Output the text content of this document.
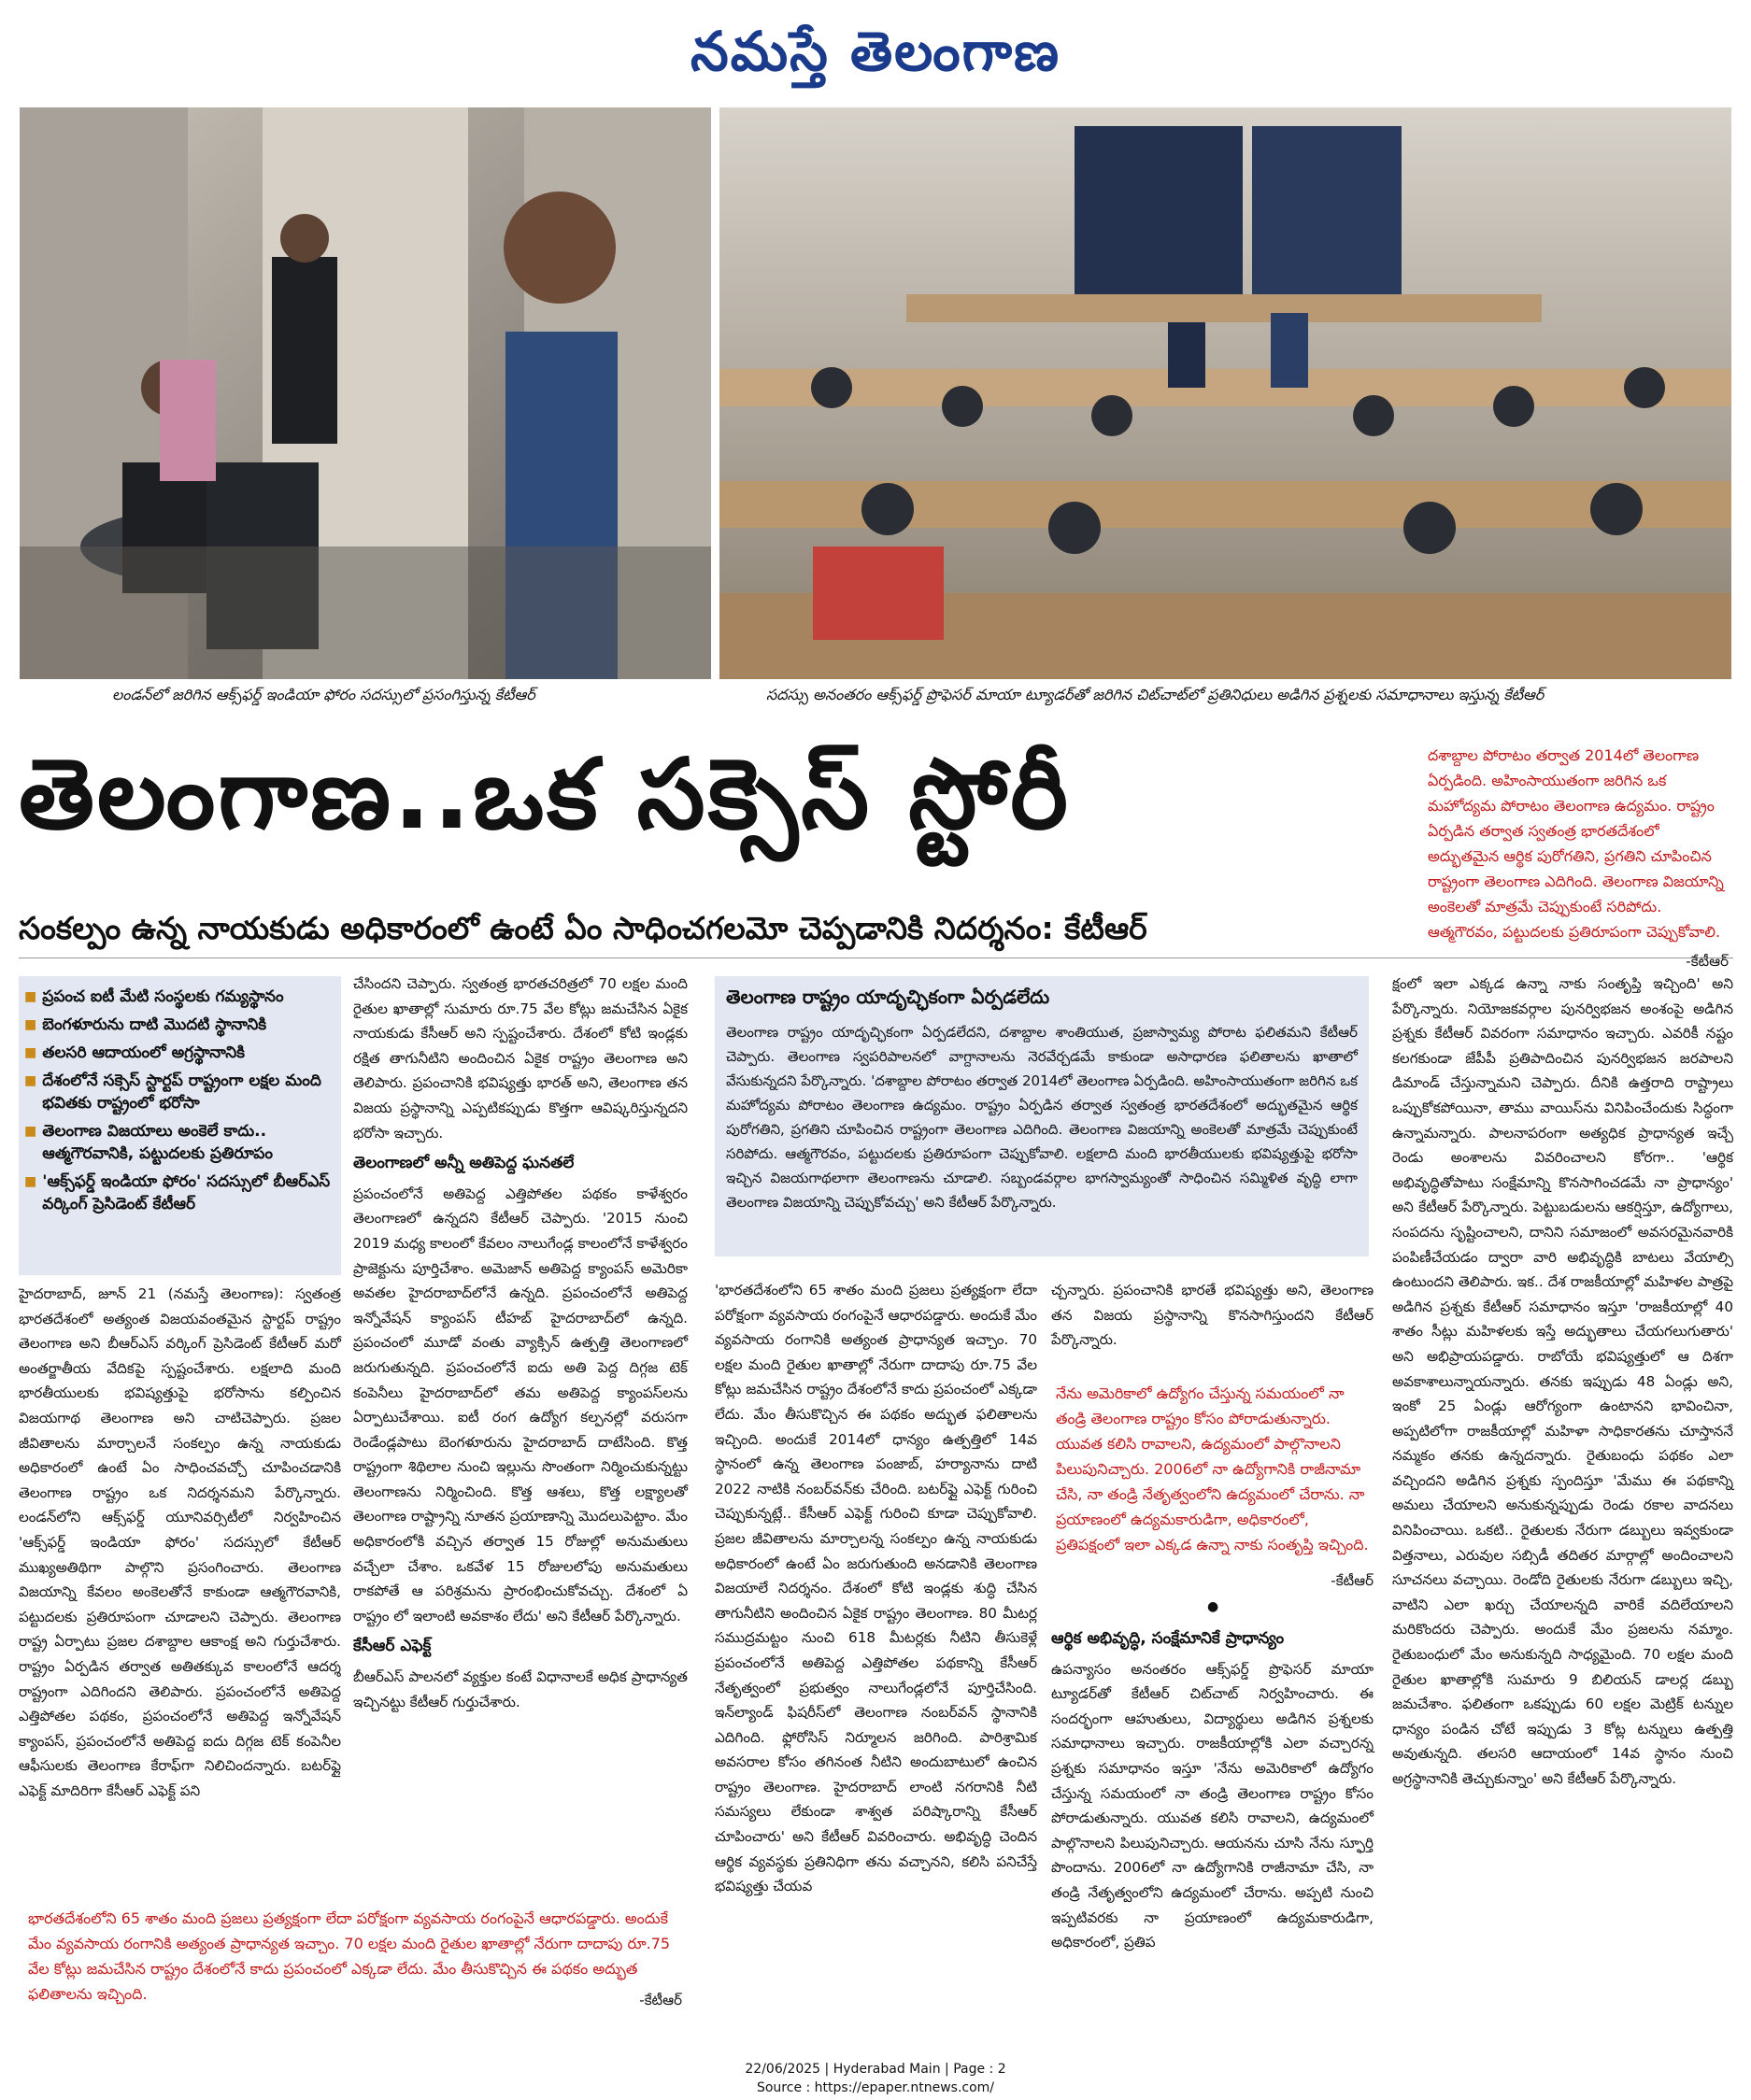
నమస్తే తెలంగాణ
లండన్‌లో జరిగిన ఆక్స్‌ఫర్డ్ ఇండియా ఫోరం సదస్సులో ప్రసంగిస్తున్న కేటీఆర్	సదస్సు అనంతరం ఆక్స్‌ఫర్డ్ ప్రొఫెసర్ మాయా ట్యూడర్‌తో జరిగిన చిట్‌చాట్‌లో ప్రతినిధులు అడిగిన ప్రశ్నలకు సమాధానాలు ఇస్తున్న కేటీఆర్
తెలంగాణ..ఒక సక్సెస్ స్టోరీ	దశాబ్దాల పోరాటం తర్వాత 2014లో తెలంగాణ ఏర్పడింది. అహింసాయుతంగా జరిగిన ఒక మహోద్యమ పోరాటం తెలంగాణ ఉద్యమం. రాష్ట్రం ఏర్పడిన తర్వాత స్వతంత్ర భారతదేశంలో అద్భుతమైన ఆర్థిక పురోగతిని, ప్రగతిని చూపించిన రాష్ట్రంగా తెలంగాణ ఎదిగింది. తెలంగాణ విజయాన్ని అంకెలతో మాత్రమే చెప్పుకుంటే సరిపోదు. ఆత్మగౌరవం, పట్టుదలకు ప్రతిరూపంగా చెప్పుకోవాలి.
-కేటీఆర్
సంకల్పం ఉన్న నాయకుడు అధికారంలో ఉంటే ఏం సాధించగలమో చెప్పడానికి నిదర్శనం: కేటీఆర్
■ ప్రపంచ ఐటీ మేటి సంస్థలకు గమ్యస్థానం
■ బెంగళూరును దాటి మొదటి స్థానానికి
■ తలసరి ఆదాయంలో అగ్రస్థానానికి
■ దేశంలోనే సక్సెస్ స్టార్టప్ రాష్ట్రంగా లక్షల మంది భవితకు రాష్ట్రంలో భరోసా
■ తెలంగాణ విజయాలు అంకెలే కాదు.. ఆత్మగౌరవానికి, పట్టుదలకు ప్రతిరూపం
■ 'ఆక్స్‌ఫర్డ్ ఇండియా ఫోరం' సదస్సులో బీఆర్ఎస్ వర్కింగ్ ప్రెసిడెంట్ కేటీఆర్

హైదరాబాద్, జూన్ 21 (నమస్తే తెలంగాణ): స్వతంత్ర భారతదేశంలో అత్యంత విజయవంతమైన స్టార్టప్ రాష్ట్రం తెలంగాణ అని బీఆర్ఎస్ వర్కింగ్ ప్రెసిడెంట్ కేటీఆర్ మరో అంతర్జాతీయ వేదికపై స్పష్టంచేశారు. లక్షలాది మంది భారతీయులకు భవిష్యత్తుపై భరోసాను కల్పించిన విజయగాథ తెలంగాణ అని చాటిచెప్పారు. ప్రజల జీవితాలను మార్చాలనే సంకల్పం ఉన్న నాయకుడు అధికారంలో ఉంటే ఏం సాధించవచ్చో చూపించడానికి తెలంగాణ రాష్ట్రం ఒక నిదర్శనమని పేర్కొన్నారు. లండన్‌లోని ఆక్స్‌ఫర్డ్ యూనివర్సిటీలో నిర్వహించిన 'ఆక్స్‌ఫర్డ్ ఇండియా ఫోరం' సదస్సులో కేటీఆర్ ముఖ్యఅతిథిగా పాల్గొని ప్రసంగించారు. తెలంగాణ విజయాన్ని కేవలం అంకెలతోనే కాకుండా ఆత్మగౌరవానికి, పట్టుదలకు ప్రతిరూపంగా చూడాలని చెప్పారు. తెలంగాణ రాష్ట్ర ఏర్పాటు ప్రజల దశాబ్దాల ఆకాంక్ష అని గుర్తుచేశారు. రాష్ట్రం ఏర్పడిన తర్వాత అతితక్కువ కాలంలోనే ఆదర్శ రాష్ట్రంగా ఎదిగిందని తెలిపారు. ప్రపంచంలోనే అతిపెద్ద ఎత్తిపోతల పథకం, ప్రపంచంలోనే అతిపెద్ద ఇన్నోవేషన్ క్యాంపస్, ప్రపంచంలోనే అతిపెద్ద ఐదు దిగ్గజ టెక్ కంపెనీల ఆఫీసులకు తెలంగాణ కేరాఫ్‌గా నిలిచిందన్నారు. బటర్‌ఫ్లై ఎఫెక్ట్ మాదిరిగా కేసీఆర్ ఎఫెక్ట్ పని

చేసిందని చెప్పారు. స్వతంత్ర భారతచరిత్రలో 70 లక్షల మంది రైతుల ఖాతాల్లో సుమారు రూ.75 వేల కోట్లు జమచేసిన ఏకైక నాయకుడు కేసీఆర్ అని స్పష్టంచేశారు. దేశంలో కోటి ఇండ్లకు రక్షిత తాగునీటిని అందించిన ఏకైక రాష్ట్రం తెలంగాణ అని తెలిపారు. ప్రపంచానికి భవిష్యత్తు భారత్ అని, తెలంగాణ తన విజయ ప్రస్థానాన్ని ఎప్పటికప్పుడు కొత్తగా ఆవిష్కరిస్తున్నదని భరోసా ఇచ్చారు.

తెలంగాణలో అన్నీ అతిపెద్ద ఘనతలే

ప్రపంచంలోనే అతిపెద్ద ఎత్తిపోతల పథకం కాళేశ్వరం తెలంగాణలో ఉన్నదని కేటీఆర్ చెప్పారు. '2015 నుంచి 2019 మధ్య కాలంలో కేవలం నాలుగేండ్ల కాలంలోనే కాళేశ్వరం ప్రాజెక్టును పూర్తిచేశాం. అమెజాన్ అతిపెద్ద క్యాంపస్ అమెరికా అవతల హైదరాబాద్‌లోనే ఉన్నది. ప్రపంచంలోనే అతిపెద్ద ఇన్నోవేషన్ క్యాంపస్ టీహబ్ హైదరాబాద్‌లో ఉన్నది. ప్రపంచంలో మూడో వంతు వ్యాక్సిన్ ఉత్పత్తి తెలంగాణలో జరుగుతున్నది. ప్రపంచంలోనే ఐదు అతి పెద్ద దిగ్గజ టెక్ కంపెనీలు హైదరాబాద్‌లో తమ అతిపెద్ద క్యాంపస్‌లను ఏర్పాటుచేశాయి. ఐటీ రంగ ఉద్యోగ కల్పనల్లో వరుసగా రెండేండ్లపాటు బెంగళూరును హైదరాబాద్ దాటేసింది. కొత్త రాష్ట్రంగా శిథిలాల నుంచి ఇల్లును సొంతంగా నిర్మించుకున్నట్టు తెలంగాణను నిర్మించింది. కొత్త ఆశలు, కొత్త లక్ష్యాలతో తెలంగాణ రాష్ట్రాన్ని నూతన ప్రయాణాన్ని మొదలుపెట్టాం. మేం అధికారంలోకి వచ్చిన తర్వాత 15 రోజుల్లో అనుమతులు వచ్చేలా చేశాం. ఒకవేళ 15 రోజులలోపు అనుమతులు రాకపోతే ఆ పరిశ్రమను ప్రారంభించుకోవచ్చు. దేశంలో ఏ రాష్ట్రం లో ఇలాంటి అవకాశం లేదు' అని కేటీఆర్ పేర్కొన్నారు.

కేసీఆర్ ఎఫెక్ట్

బీఆర్ఎస్ పాలనలో వ్యక్తుల కంటే విధానాలకే అధిక ప్రాధాన్యత ఇచ్చినట్టు కేటీఆర్ గుర్తుచేశారు.

భారతదేశంలోని 65 శాతం మంది ప్రజలు ప్రత్యక్షంగా లేదా పరోక్షంగా వ్యవసాయ రంగంపైనే ఆధారపడ్డారు. అందుకే మేం వ్యవసాయ రంగానికి అత్యంత ప్రాధాన్యత ఇచ్చాం. 70 లక్షల మంది రైతుల ఖాతాల్లో నేరుగా దాదాపు రూ.75 వేల కోట్లు జమచేసిన రాష్ట్రం దేశంలోనే కాదు ప్రపంచంలో ఎక్కడా లేదు. మేం తీసుకొచ్చిన ఈ పథకం అద్భుత ఫలితాలను ఇచ్చింది.	-కేటీఆర్
తెలంగాణ రాష్ట్రం యాదృచ్ఛికంగా ఏర్పడలేదు
తెలంగాణ రాష్ట్రం యాదృచ్ఛికంగా ఏర్పడలేదని, దశాబ్దాల శాంతియుత, ప్రజాస్వామ్య పోరాట ఫలితమని కేటీఆర్ చెప్పారు. తెలంగాణ స్వపరిపాలనలో వాగ్దానాలను నెరవేర్చడమే కాకుండా అసాధారణ ఫలితాలను ఖాతాలో వేసుకున్నదని పేర్కొన్నారు. 'దశాబ్దాల పోరాటం తర్వాత 2014లో తెలంగాణ ఏర్పడింది. అహింసాయుతంగా జరిగిన ఒక మహోద్యమ పోరాటం తెలంగాణ ఉద్యమం. రాష్ట్రం ఏర్పడిన తర్వాత స్వతంత్ర భారతదేశంలో అద్భుతమైన ఆర్థిక పురోగతిని, ప్రగతిని చూపించిన రాష్ట్రంగా తెలంగాణ ఎదిగింది. తెలంగాణ విజయాన్ని అంకెలతో మాత్రమే చెప్పుకుంటే సరిపోదు. ఆత్మగౌరవం, పట్టుదలకు ప్రతిరూపంగా చెప్పుకోవాలి. లక్షలాది మంది భారతీయులకు భవిష్యత్తుపై భరోసా ఇచ్చిన విజయగాథలాగా తెలంగాణను చూడాలి. సబ్బండవర్గాల భాగస్వామ్యంతో సాధించిన సమ్మిళిత వృద్ధి లాగా తెలంగాణ విజయాన్ని చెప్పుకోవచ్చు' అని కేటీఆర్ పేర్కొన్నారు.

'భారతదేశంలోని 65 శాతం మంది ప్రజలు ప్రత్యక్షంగా లేదా పరోక్షంగా వ్యవసాయ రంగంపైనే ఆధారపడ్డారు. అందుకే మేం వ్యవసాయ రంగానికి అత్యంత ప్రాధాన్యత ఇచ్చాం. 70 లక్షల మంది రైతుల ఖాతాల్లో నేరుగా దాదాపు రూ.75 వేల కోట్లు జమచేసిన రాష్ట్రం దేశంలోనే కాదు ప్రపంచంలో ఎక్కడా లేదు. మేం తీసుకొచ్చిన ఈ పథకం అద్భుత ఫలితాలను ఇచ్చింది. అందుకే 2014లో ధాన్యం ఉత్పత్తిలో 14వ స్థానంలో ఉన్న తెలంగాణ పంజాబ్, హర్యానాను దాటి 2022 నాటికి నంబర్‌వన్‌కు చేరింది. బటర్‌ఫ్లై ఎఫెక్ట్ గురించి చెప్పుకున్నట్లే.. కేసీఆర్ ఎఫెక్ట్ గురించి కూడా చెప్పుకోవాలి. ప్రజల జీవితాలను మార్చాలన్న సంకల్పం ఉన్న నాయకుడు అధికారంలో ఉంటే ఏం జరుగుతుంది అనడానికి తెలంగాణ విజయాలే నిదర్శనం. దేశంలో కోటి ఇండ్లకు శుద్ధి చేసిన తాగునీటిని అందించిన ఏకైక రాష్ట్రం తెలంగాణ. 80 మీటర్ల సముద్రమట్టం నుంచి 618 మీటర్లకు నీటిని తీసుకెళ్లే ప్రపంచంలోనే అతిపెద్ద ఎత్తిపోతల పథకాన్ని కేసీఆర్ నేతృత్వంలో ప్రభుత్వం నాలుగేండ్లలోనే పూర్తిచేసింది. ఇన్‌ల్యాండ్ ఫిషరీస్‌లో తెలంగాణ నంబర్‌వన్ స్థానానికి ఎదిగింది. ఫ్లోరోసిస్ నిర్మూలన జరిగింది. పారిశ్రామిక అవసరాల కోసం తగినంత నీటిని అందుబాటులో ఉంచిన రాష్ట్రం తెలంగాణ. హైదరాబాద్ లాంటి నగరానికి నీటి సమస్యలు లేకుండా శాశ్వత పరిష్కారాన్ని కేసీఆర్ చూపించారు' అని కేటీఆర్ వివరించారు. అభివృద్ధి చెందిన ఆర్థిక వ్యవస్థకు ప్రతినిధిగా తను వచ్చానని, కలిసి పనిచేస్తే భవిష్యత్తు చేయవ

చ్చన్నారు. ప్రపంచానికి భారతే భవిష్యత్తు అని, తెలంగాణ తన విజయ ప్రస్థానాన్ని కొనసాగిస్తుందని కేటీఆర్ పేర్కొన్నారు.

నేను అమెరికాలో ఉద్యోగం చేస్తున్న సమయంలో నా తండ్రి తెలంగాణ రాష్ట్రం కోసం పోరాడుతున్నారు. యువత కలిసి రావాలని, ఉద్యమంలో పాల్గొనాలని పిలుపునిచ్చారు. 2006లో నా ఉద్యోగానికి రాజీనామా చేసి, నా తండ్రి నేతృత్వంలోని ఉద్యమంలో చేరాను. నా ప్రయాణంలో ఉద్యమకారుడిగా, అధికారంలో, ప్రతిపక్షంలో ఇలా ఎక్కడ ఉన్నా నాకు సంతృప్తి ఇచ్చింది.
-కేటీఆర్
●
ఆర్థిక అభివృద్ధి, సంక్షేమానికే ప్రాధాన్యం

ఉపన్యాసం అనంతరం ఆక్స్‌ఫర్డ్ ప్రొఫెసర్ మాయా ట్యూడర్‌తో కేటీఆర్ చిట్‌చాట్ నిర్వహించారు. ఈ సందర్భంగా ఆహుతులు, విద్యార్థులు అడిగిన ప్రశ్నలకు సమాధానాలు ఇచ్చారు. రాజకీయాల్లోకి ఎలా వచ్చారన్న ప్రశ్నకు సమాధానం ఇస్తూ 'నేను అమెరికాలో ఉద్యోగం చేస్తున్న సమయంలో నా తండ్రి తెలంగాణ రాష్ట్రం కోసం పోరాడుతున్నారు. యువత కలిసి రావాలని, ఉద్యమంలో పాల్గొనాలని పిలుపునిచ్చారు. ఆయనను చూసి నేను స్ఫూర్తి పొందాను. 2006లో నా ఉద్యోగానికి రాజీనామా చేసి, నా తండ్రి నేతృత్వంలోని ఉద్యమంలో చేరాను. అప్పటి నుంచి ఇప్పటివరకు నా ప్రయాణంలో ఉద్యమకారుడిగా, అధికారంలో, ప్రతిప

క్షంలో ఇలా ఎక్కడ ఉన్నా నాకు సంతృప్తి ఇచ్చింది' అని పేర్కొన్నారు. నియోజకవర్గాల పునర్విభజన అంశంపై అడిగిన ప్రశ్నకు కేటీఆర్ వివరంగా సమాధానం ఇచ్చారు. ఎవరికీ నష్టం కలగకుండా జేపీపీ ప్రతిపాదించిన పునర్విభజన జరపాలని డిమాండ్ చేస్తున్నామని చెప్పారు. దీనికి ఉత్తరాది రాష్ట్రాలు ఒప్పుకోకపోయినా, తాము వాయిస్‌ను వినిపించేందుకు సిద్ధంగా ఉన్నామన్నారు. పాలనాపరంగా అత్యధిక ప్రాధాన్యత ఇచ్చే రెండు అంశాలను వివరించాలని కోరగా.. 'ఆర్థిక అభివృద్ధితోపాటు సంక్షేమాన్ని కొనసాగించడమే నా ప్రాధాన్యం' అని కేటీఆర్ పేర్కొన్నారు. పెట్టుబడులను ఆకర్షిస్తూ, ఉద్యోగాలు, సంపదను సృష్టించాలని, దానిని సమాజంలో అవసరమైనవారికి పంపిణీచేయడం ద్వారా వారి అభివృద్ధికి బాటలు వేయాల్సి ఉంటుందని తెలిపారు. ఇక.. దేశ రాజకీయాల్లో మహిళల పాత్రపై అడిగిన ప్రశ్నకు కేటీఆర్ సమాధానం ఇస్తూ 'రాజకీయాల్లో 40 శాతం సీట్లు మహిళలకు ఇస్తే అద్భుతాలు చేయగలుగుతారు' అని అభిప్రాయపడ్డారు. రాబోయే భవిష్యత్తులో ఆ దిశగా అవకాశాలున్నాయన్నారు. తనకు ఇప్పుడు 48 ఏండ్లు అని, ఇంకో 25 ఏండ్లు ఆరోగ్యంగా ఉంటానని భావించినా, అప్పటిలోగా రాజకీయాల్లో మహిళా సాధికారతను చూస్తాననే నమ్మకం తనకు ఉన్నదన్నారు. రైతుబంధు పథకం ఎలా వచ్చిందని అడిగిన ప్రశ్నకు స్పందిస్తూ 'మేము ఈ పథకాన్ని అమలు చేయాలని అనుకున్నప్పుడు రెండు రకాల వాదనలు వినిపించాయి. ఒకటి.. రైతులకు నేరుగా డబ్బులు ఇవ్వకుండా విత్తనాలు, ఎరువుల సబ్సిడీ తదితర మార్గాల్లో అందించాలని సూచనలు వచ్చాయి. రెండోది రైతులకు నేరుగా డబ్బులు ఇచ్చి, వాటిని ఎలా ఖర్చు చేయాలన్నది వారికే వదిలేయాలని మరికొందరు చెప్పారు. అందుకే మేం ప్రజలను నమ్మాం. రైతుబంధులో మేం అనుకున్నది సాధ్యమైంది. 70 లక్షల మంది రైతుల ఖాతాల్లోకి సుమారు 9 బిలియన్ డాలర్ల డబ్బు జమచేశాం. ఫలితంగా ఒకప్పుడు 60 లక్షల మెట్రిక్ టన్నుల ధాన్యం పండిన చోటే ఇప్పుడు 3 కోట్ల టన్నులు ఉత్పత్తి అవుతున్నది. తలసరి ఆదాయంలో 14వ స్థానం నుంచి అగ్రస్థానానికి తెచ్చుకున్నాం' అని కేటీఆర్ పేర్కొన్నారు.

22/06/2025 | Hyderabad Main | Page : 2
Source : https://epaper.ntnews.com/
